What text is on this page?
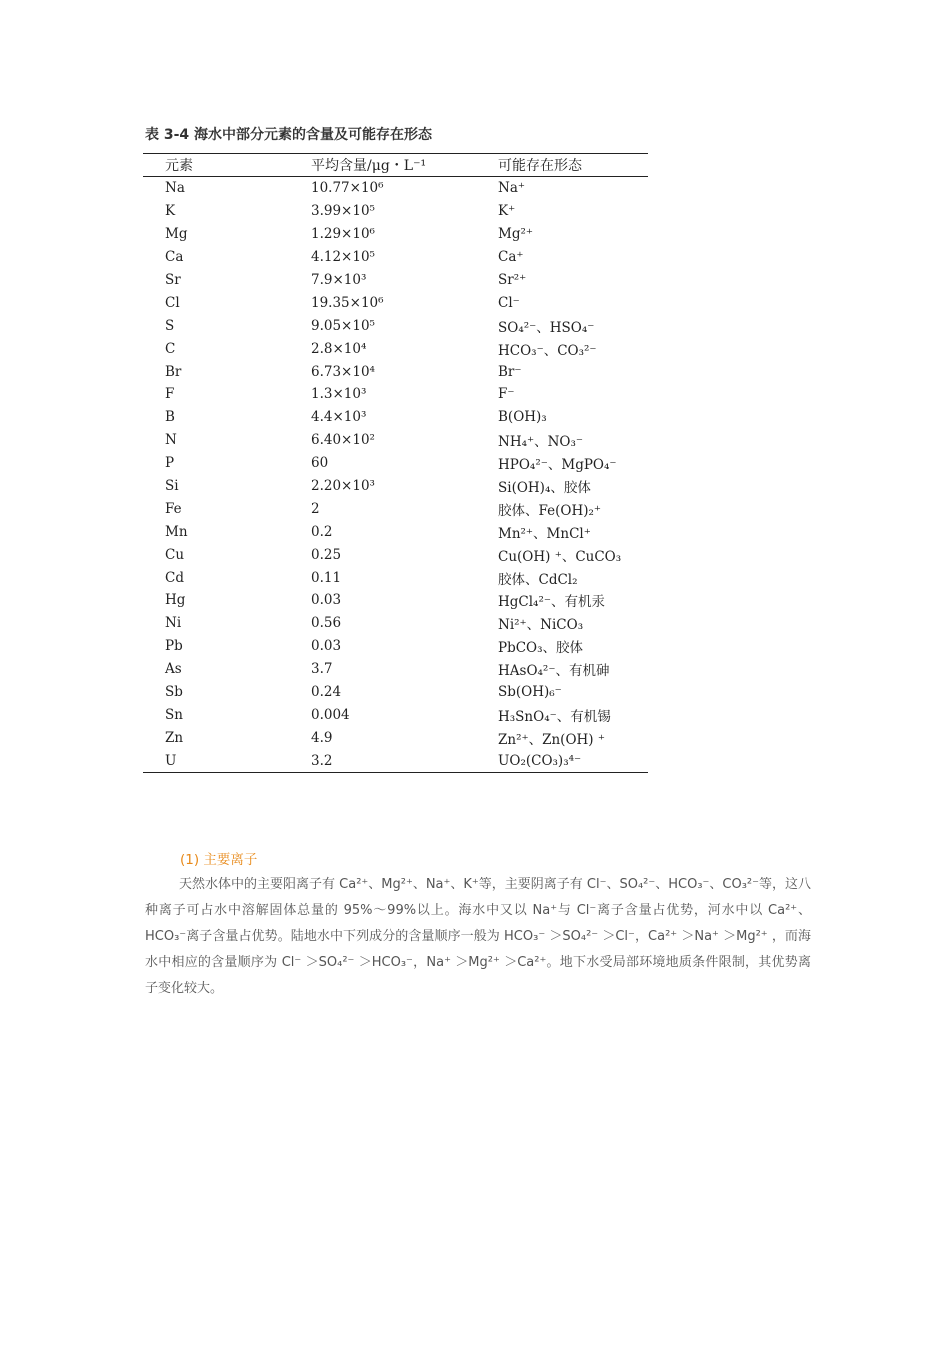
表 3-4 海水中部分元素的含量及可能存在形态
元素	平均含量/μg・L⁻¹	可能存在形态
Na	10.77×10⁶	Na⁺
K	3.99×10⁵	K⁺
Mg	1.29×10⁶	Mg²⁺
Ca	4.12×10⁵	Ca⁺
Sr	7.9×10³	Sr²⁺
Cl	19.35×10⁶	Cl⁻
S	9.05×10⁵	SO₄²⁻、HSO₄⁻
C	2.8×10⁴	HCO₃⁻、CO₃²⁻
Br	6.73×10⁴	Br⁻
F	1.3×10³	F⁻
B	4.4×10³	B(OH)₃
N	6.40×10²	NH₄⁺、NO₃⁻
P	60	HPO₄²⁻、MgPO₄⁻
Si	2.20×10³	Si(OH)₄、胶体
Fe	2	胶体、Fe(OH)₂⁺
Mn	0.2	Mn²⁺、MnCl⁺
Cu	0.25	Cu(OH) ⁺、CuCO₃
Cd	0.11	胶体、CdCl₂
Hg	0.03	HgCl₄²⁻、有机汞
Ni	0.56	Ni²⁺、NiCO₃
Pb	0.03	PbCO₃、胶体
As	3.7	HAsO₄²⁻、有机砷
Sb	0.24	Sb(OH)₆⁻
Sn	0.004	H₃SnO₄⁻、有机锡
Zn	4.9	Zn²⁺、Zn(OH) ⁺
U	3.2	UO₂(CO₃)₃⁴⁻
(1) 主要离子

天然水体中的主要阳离子有 Ca²⁺、Mg²⁺、Na⁺、K⁺等，主要阴离子有 Cl⁻、SO₄²⁻、HCO₃⁻、CO₃²⁻等，这八种离子可占水中溶解固体总量的 95%～99%以上。海水中又以 Na⁺与 Cl⁻离子含量占优势，河水中以 Ca²⁺、HCO₃⁻离子含量占优势。陆地水中下列成分的含量顺序一般为 HCO₃⁻ ＞SO₄²⁻ ＞Cl⁻，Ca²⁺ ＞Na⁺ ＞Mg²⁺ ，而海水中相应的含量顺序为 Cl⁻ ＞SO₄²⁻ ＞HCO₃⁻，Na⁺ ＞Mg²⁺ ＞Ca²⁺。地下水受局部环境地质条件限制，其优势离子变化较大。
